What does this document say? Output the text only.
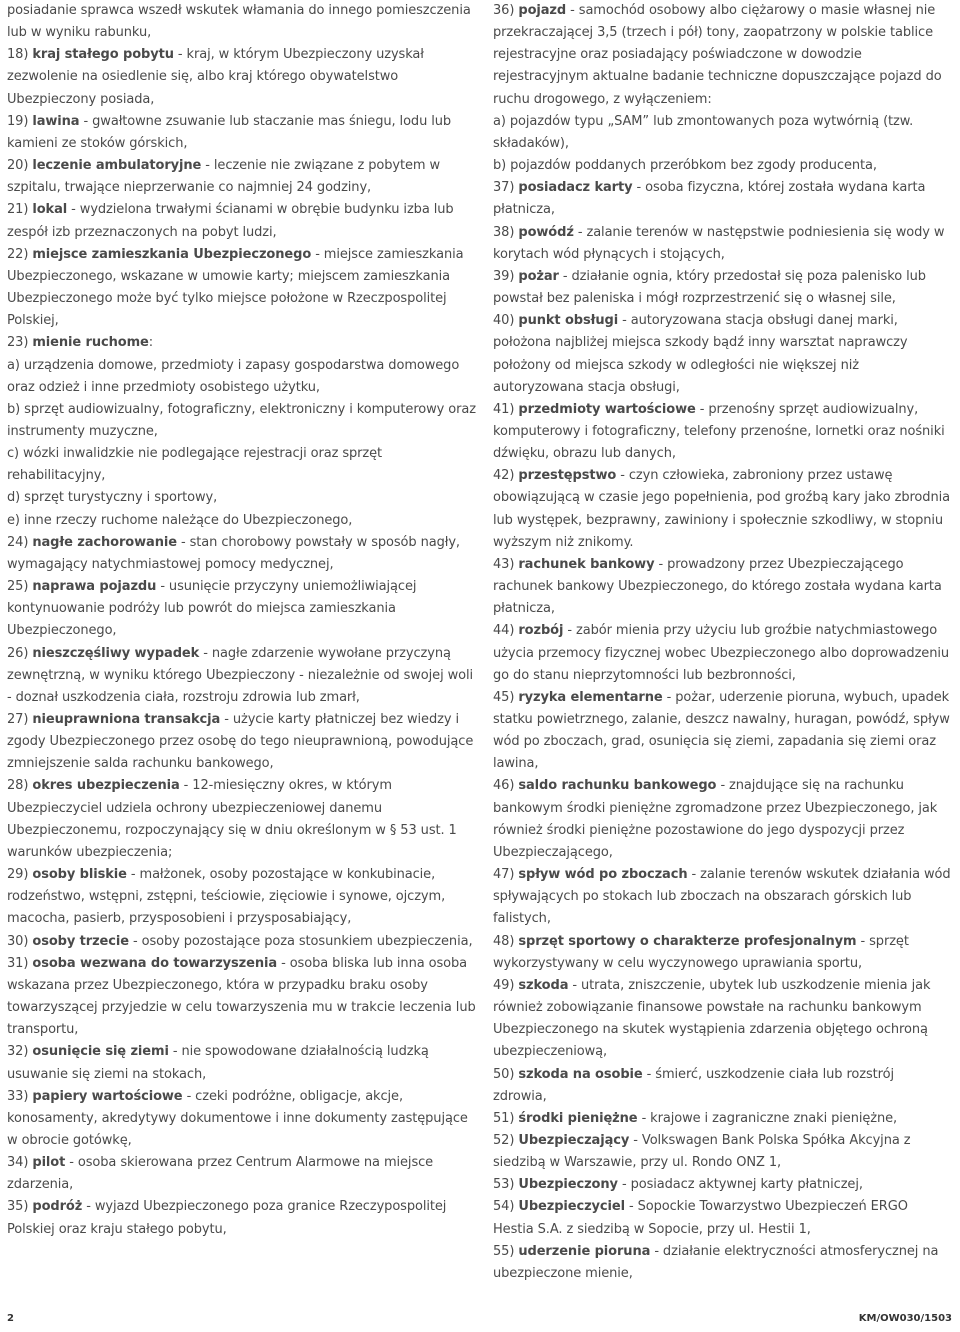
posiadanie sprawca wszedł wskutek włamania do innego pomieszczenia lub w wyniku rabunku,

18) kraj stałego pobytu - kraj, w którym Ubezpieczony uzyskał zezwolenie na osiedlenie się, albo kraj którego obywatelstwo Ubezpieczony posiada,

19) lawina - gwałtowne zsuwanie lub staczanie mas śniegu, lodu lub kamieni ze stoków górskich,

20) leczenie ambulatoryjne - leczenie nie związane z pobytem w szpitalu, trwające nieprzerwanie co najmniej 24 godziny,

21) lokal - wydzielona trwałymi ścianami w obrębie budynku izba lub zespół izb przeznaczonych na pobyt ludzi,

22) miejsce zamieszkania Ubezpieczonego - miejsce zamieszkania Ubezpieczonego, wskazane w umowie karty; miejscem zamieszkania Ubezpieczonego może być tylko miejsce położone w Rzeczpospolitej Polskiej,

23) mienie ruchome:

a) urządzenia domowe, przedmioty i zapasy gospodarstwa domowego oraz odzież i inne przedmioty osobistego użytku,

b) sprzęt audiowizualny, fotograficzny, elektroniczny i komputerowy oraz instrumenty muzyczne,

c) wózki inwalidzkie nie podlegające rejestracji oraz sprzęt rehabilitacyjny,

d) sprzęt turystyczny i sportowy,

e) inne rzeczy ruchome należące do Ubezpieczonego,

24) nagłe zachorowanie - stan chorobowy powstały w sposób nagły, wymagający natychmiastowej pomocy medycznej,

25) naprawa pojazdu - usunięcie przyczyny uniemożliwiającej kontynuowanie podróży lub powrót do miejsca zamieszkania Ubezpieczonego,

26) nieszczęśliwy wypadek - nagłe zdarzenie wywołane przyczyną zewnętrzną, w wyniku którego Ubezpieczony - niezależnie od swojej woli - doznał uszkodzenia ciała, rozstroju zdrowia lub zmarł,

27) nieuprawniona transakcja - użycie karty płatniczej bez wiedzy i zgody Ubezpieczonego przez osobę do tego nieuprawnioną, powodujące zmniejszenie salda rachunku bankowego,

28) okres ubezpieczenia - 12-miesięczny okres, w którym Ubezpieczyciel udziela ochrony ubezpieczeniowej danemu Ubezpieczonemu, rozpoczynający się w dniu określonym w § 53 ust. 1 warunków ubezpieczenia;

29) osoby bliskie - małżonek, osoby pozostające w konkubinacie, rodzeństwo, wstępni, zstępni, teściowie, zięciowie i synowe, ojczym, macocha, pasierb, przysposobieni i przysposabiający,

30) osoby trzecie - osoby pozostające poza stosunkiem ubezpieczenia,

31) osoba wezwana do towarzyszenia - osoba bliska lub inna osoba wskazana przez Ubezpieczonego, która w przypadku braku osoby towarzyszącej przyjedzie w celu towarzyszenia mu w trakcie leczenia lub transportu,

32) osunięcie się ziemi - nie spowodowane działalnością ludzką usuwanie się ziemi na stokach,

33) papiery wartościowe - czeki podróżne, obligacje, akcje, konosamenty, akredytywy dokumentowe i inne dokumenty zastępujące w obrocie gotówkę,

34) pilot - osoba skierowana przez Centrum Alarmowe na miejsce zdarzenia,

35) podróż - wyjazd Ubezpieczonego poza granice Rzeczypospolitej Polskiej oraz kraju stałego pobytu,

36) pojazd - samochód osobowy albo ciężarowy o masie własnej nie przekraczającej 3,5 (trzech i pół) tony, zaopatrzony w polskie tablice rejestracyjne oraz posiadający poświadczone w dowodzie rejestracyjnym aktualne badanie techniczne dopuszczające pojazd do ruchu drogowego, z wyłączeniem:

a) pojazdów typu „SAM” lub zmontowanych poza wytwórnią (tzw. składaków),

b) pojazdów poddanych przeróbkom bez zgody producenta,

37) posiadacz karty - osoba fizyczna, której została wydana karta płatnicza,

38) powódź - zalanie terenów w następstwie podniesienia się wody w korytach wód płynących i stojących,

39) pożar - działanie ognia, który przedostał się poza palenisko lub powstał bez paleniska i mógł rozprzestrzenić się o własnej sile,

40) punkt obsługi - autoryzowana stacja obsługi danej marki, położona najbliżej miejsca szkody bądź inny warsztat naprawczy położony od miejsca szkody w odległości nie większej niż autoryzowana stacja obsługi,

41) przedmioty wartościowe - przenośny sprzęt audiowizualny, komputerowy i fotograficzny, telefony przenośne, lornetki oraz nośniki dźwięku, obrazu lub danych,

42) przestępstwo - czyn człowieka, zabroniony przez ustawę obowiązującą w czasie jego popełnienia, pod groźbą kary jako zbrodnia lub występek, bezprawny, zawiniony i społecznie szkodliwy, w stopniu wyższym niż znikomy.

43) rachunek bankowy - prowadzony przez Ubezpieczającego rachunek bankowy Ubezpieczonego, do którego została wydana karta płatnicza,

44) rozbój - zabór mienia przy użyciu lub groźbie natychmiastowego użycia przemocy fizycznej wobec Ubezpieczonego albo doprowadzeniu go do stanu nieprzytomności lub bezbronności,

45) ryzyka elementarne - pożar, uderzenie pioruna, wybuch, upadek statku powietrznego, zalanie, deszcz nawalny, huragan, powódź, spływ wód po zboczach, grad, osunięcia się ziemi, zapadania się ziemi oraz lawina,

46) saldo rachunku bankowego - znajdujące się na rachunku bankowym środki pieniężne zgromadzone przez Ubezpieczonego, jak również środki pieniężne pozostawione do jego dyspozycji przez Ubezpieczającego,

47) spływ wód po zboczach - zalanie terenów wskutek działania wód spływających po stokach lub zboczach na obszarach górskich lub falistych,

48) sprzęt sportowy o charakterze profesjonalnym - sprzęt wykorzystywany w celu wyczynowego uprawiania sportu,

49) szkoda - utrata, zniszczenie, ubytek lub uszkodzenie mienia jak również zobowiązanie finansowe powstałe na rachunku bankowym Ubezpieczonego na skutek wystąpienia zdarzenia objętego ochroną ubezpieczeniową,

50) szkoda na osobie - śmierć, uszkodzenie ciała lub rozstrój zdrowia,

51) środki pieniężne - krajowe i zagraniczne znaki pieniężne,

52) Ubezpieczający - Volkswagen Bank Polska Spółka Akcyjna z siedzibą w Warszawie, przy ul. Rondo ONZ 1,

53) Ubezpieczony - posiadacz aktywnej karty płatniczej,

54) Ubezpieczyciel - Sopockie Towarzystwo Ubezpieczeń ERGO Hestia S.A. z siedzibą w Sopocie, przy ul. Hestii 1,

55) uderzenie pioruna - działanie elektryczności atmosferycznej na ubezpieczone mienie,

2	KM/OW030/1503
